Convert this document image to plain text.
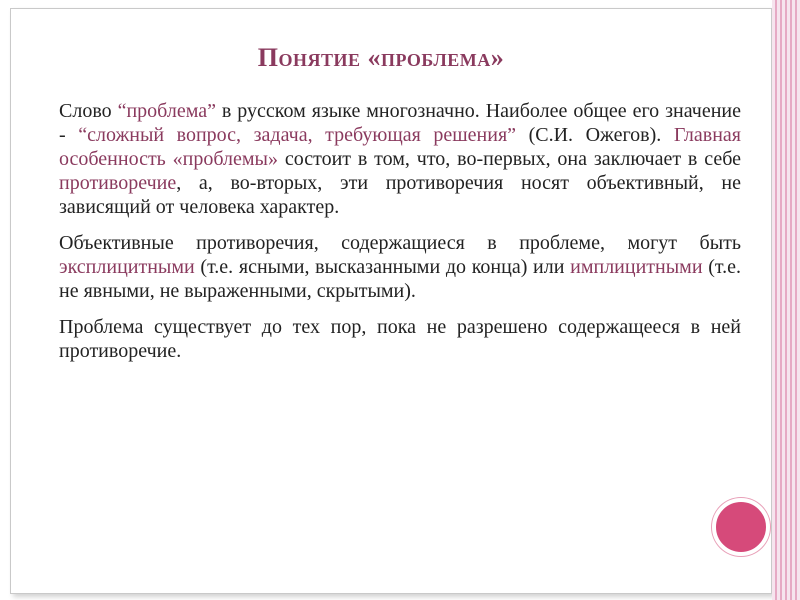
Понятие «проблема»

Слово “проблема” в русском языке многозначно. Наиболее общее его значение - “сложный вопрос, задача, требующая решения” (С.И. Ожегов). Главная особенность «проблемы» состоит в том, что, во-первых, она заключает в себе противоречие, а, во-вторых, эти противоречия носят объективный, не зависящий от человека характер.

Объективные противоречия, содержащиеся в проблеме, могут быть эксплицитными (т.е. ясными, высказанными до конца) или имплицитными (т.е. не явными, не выраженными, скрытыми).

Проблема существует до тех пор, пока не разрешено содержащееся в ней противоречие.
